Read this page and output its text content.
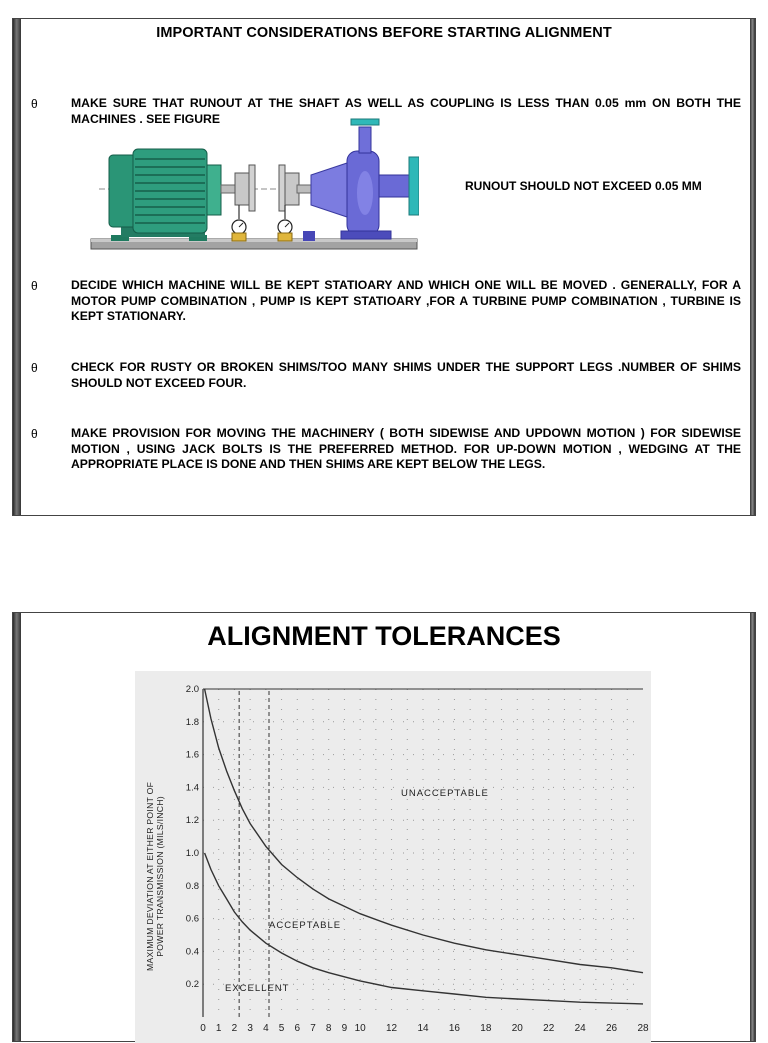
IMPORTANT CONSIDERATIONS BEFORE STARTING ALIGNMENT
θ	MAKE SURE THAT RUNOUT AT THE SHAFT AS WELL AS COUPLING IS LESS THAN 0.05 mm ON BOTH THE MACHINES . SEE FIGURE
RUNOUT SHOULD NOT EXCEED 0.05 MM
θ	DECIDE WHICH MACHINE WILL BE KEPT STATIOARY AND WHICH ONE WILL BE MOVED . GENERALLY, FOR A MOTOR PUMP COMBINATION , PUMP IS KEPT STATIOARY ,FOR A TURBINE PUMP COMBINATION , TURBINE IS KEPT STATIONARY.
θ	CHECK FOR RUSTY OR BROKEN SHIMS/TOO MANY SHIMS UNDER THE SUPPORT LEGS .NUMBER OF SHIMS SHOULD NOT EXCEED FOUR.
θ	MAKE PROVISION FOR MOVING THE MACHINERY ( BOTH SIDEWISE AND UPDOWN MOTION ) FOR SIDEWISE MOTION , USING JACK BOLTS IS THE PREFERRED METHOD. FOR UP-DOWN MOTION , WEDGING AT THE APPROPRIATE PLACE IS DONE AND THEN SHIMS ARE KEPT BELOW THE LEGS.
ALIGNMENT TOLERANCES
2.0
1.8
1.6
1.4
1.2
1.0
0.8
0.6
0.4
0.2
0 1 2 3 4 5 6 7 8 9 10 12 14 16 18 20 22 24 26 28
MAXIMUM DEVIATION AT EITHER POINT OF POWER TRANSMISSION (MILS/INCH)
UNACCEPTABLE
ACCEPTABLE
EXCELLENT
